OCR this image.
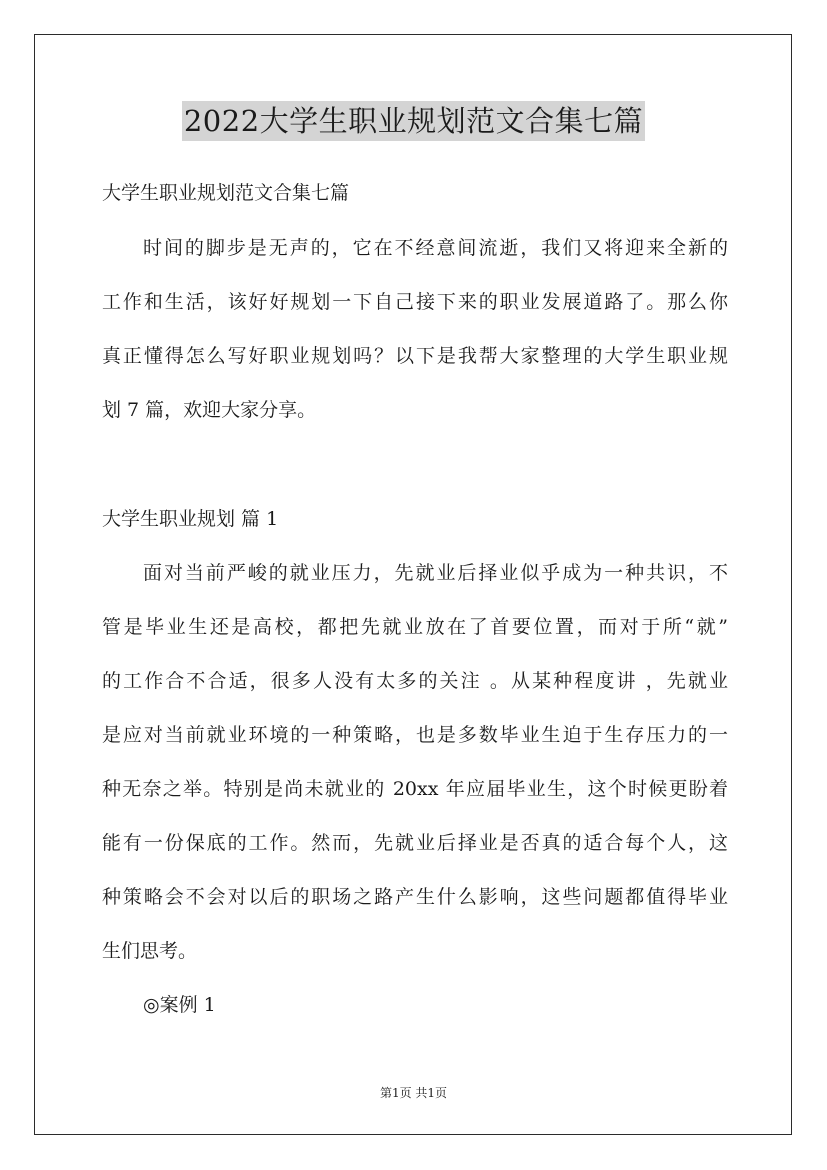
2022大学生职业规划范文合集七篇
大学生职业规划范文合集七篇
时间的脚步是无声的，它在不经意间流逝，我们又将迎来全新的
工作和生活，该好好规划一下自己接下来的职业发展道路了。那么你
真正懂得怎么写好职业规划吗？以下是我帮大家整理的大学生职业规
划 7 篇，欢迎大家分享。
大学生职业规划 篇 1
面对当前严峻的就业压力，先就业后择业似乎成为一种共识，不
管是毕业生还是高校，都把先就业放在了首要位置，而对于所“就”
的工作合不合适，很多人没有太多的关注 。从某种程度讲 ，先就业
是应对当前就业环境的一种策略，也是多数毕业生迫于生存压力的一
种无奈之举。特别是尚未就业的 20xx 年应届毕业生，这个时候更盼着
能有一份保底的工作。然而，先就业后择业是否真的适合每个人，这
种策略会不会对以后的职场之路产生什么影响，这些问题都值得毕业
生们思考。
◎案例 1
第1页 共1页
